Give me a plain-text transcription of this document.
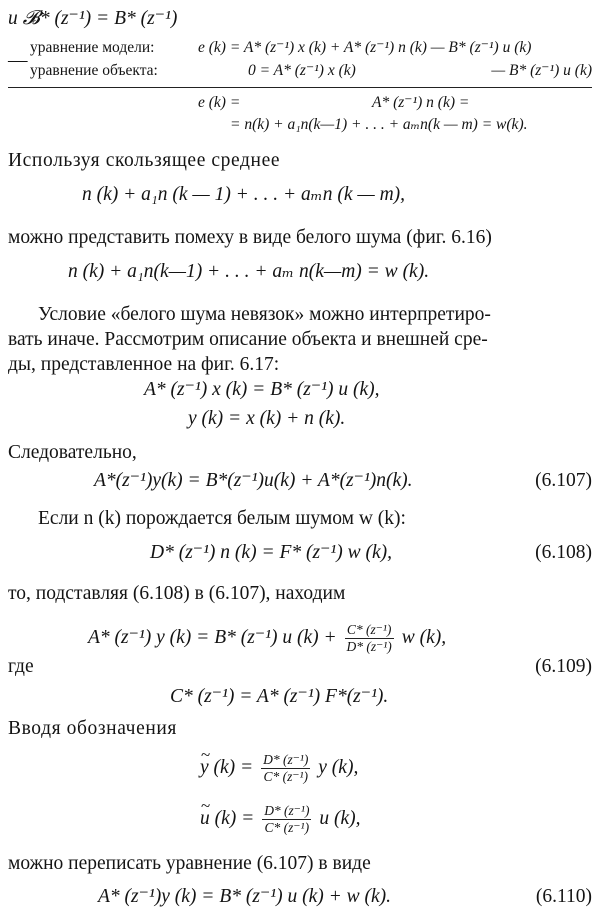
и 𝓑* (z⁻¹) = B* (z⁻¹)
уравнение модели:	e (k) = A* (z⁻¹) x (k) + A* (z⁻¹) n (k) — B* (z⁻¹) u (k)
— уравнение объекта:	0 = A* (z⁻¹) x (k)	— B* (z⁻¹) u (k)
e (k) =	A* (z⁻¹) n (k) =
= n(k) + a₁n(k—1) + . . . + aₘn(k — m) = w(k).
Используя скользящее среднее
n (k) + a₁n (k — 1) + . . . + aₘn (k — m),
можно представить помеху в виде белого шума (фиг. 6.16)
n (k) + a₁n(k—1) + . . . + aₘ n(k—m) = w (k).
Условие «белого шума невязок» можно интерпретиро-
вать иначе. Рассмотрим описание объекта и внешней сре-
ды, представленное на фиг. 6.17:
A* (z⁻¹) x (k) = B* (z⁻¹) u (k),
y (k) = x (k) + n (k).
Следовательно,
A*(z⁻¹)y(k) = B*(z⁻¹)u(k) + A*(z⁻¹)n(k).	(6.107)
Если n (k) порождается белым шумом w (k):
D* (z⁻¹) n (k) = F* (z⁻¹) w (k),	(6.108)
то, подставляя (6.108) в (6.107), находим
A* (z⁻¹) y (k) = B* (z⁻¹) u $(k) + \frac{\text{C* (z⁻¹)}}{\text{D* (z⁻¹)}}$ w (k),
где	(6.109)
C* (z⁻¹) = A* (z⁻¹) F*(z⁻¹).
Вводя обозначения
~ y $(k) = \frac{\text{D* (z⁻¹)}}{\text{C* (z⁻¹)}}$ y (k),
~ u $(k) = \frac{\text{D* (z⁻¹)}}{\text{C* (z⁻¹)}}$ u (k),
можно переписать уравнение (6.107) в виде
A* (z⁻¹)y (k) = B* (z⁻¹) u (k) + w (k).	(6.110)
